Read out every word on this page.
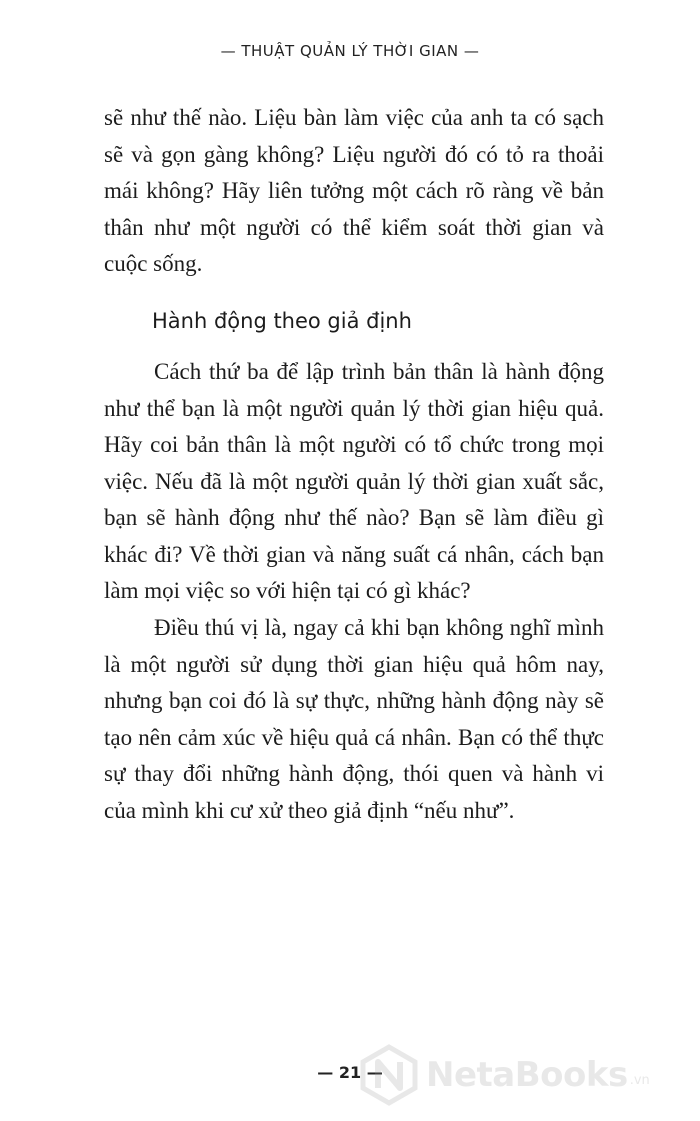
— THUẬT QUẢN LÝ THỜI GIAN —

sẽ như thế nào. Liệu bàn làm việc của anh ta có sạch sẽ và gọn gàng không? Liệu người đó có tỏ ra thoải mái không? Hãy liên tưởng một cách rõ ràng về bản thân như một người có thể kiểm soát thời gian và cuộc sống.

Hành động theo giả định

Cách thứ ba để lập trình bản thân là hành động như thể bạn là một người quản lý thời gian hiệu quả. Hãy coi bản thân là một người có tổ chức trong mọi việc. Nếu đã là một người quản lý thời gian xuất sắc, bạn sẽ hành động như thế nào? Bạn sẽ làm điều gì khác đi? Về thời gian và năng suất cá nhân, cách bạn làm mọi việc so với hiện tại có gì khác?

Điều thú vị là, ngay cả khi bạn không nghĩ mình là một người sử dụng thời gian hiệu quả hôm nay, nhưng bạn coi đó là sự thực, những hành động này sẽ tạo nên cảm xúc về hiệu quả cá nhân. Bạn có thể thực sự thay đổi những hành động, thói quen và hành vi của mình khi cư xử theo giả định “nếu như”.

— 21 —	NetaBooks .vn
